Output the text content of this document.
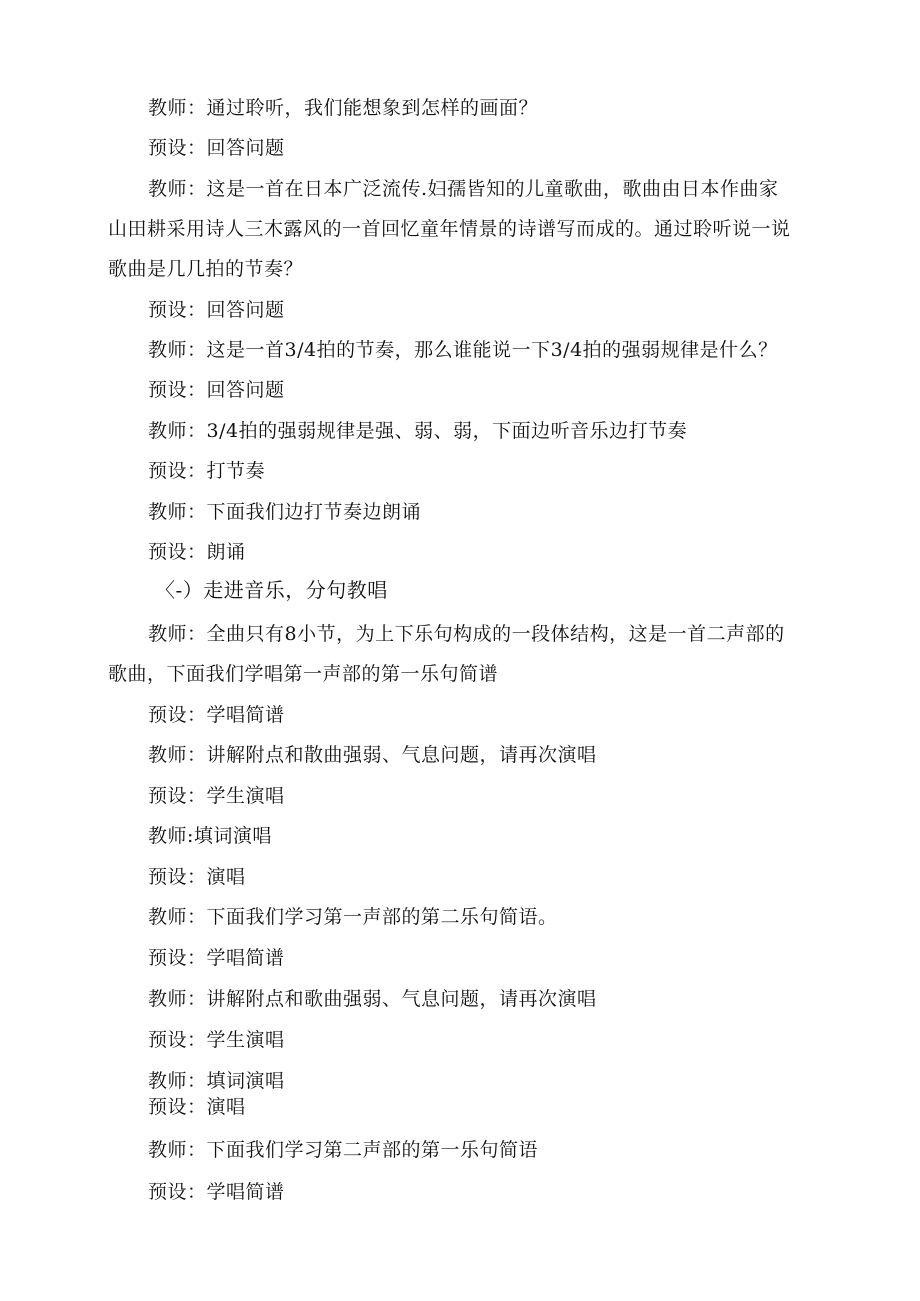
教师：通过聆听，我们能想象到怎样的画面？
预设：回答问题
教师：这是一首在日本广泛流传.妇孺皆知的儿童歌曲，歌曲由日本作曲家
山田耕采用诗人三木露风的一首回忆童年情景的诗谱写而成的。通过聆听说一说
歌曲是几几拍的节奏？
预设：回答问题
教师：这是一首3/4拍的节奏，那么谁能说一下3/4拍的强弱规律是什么？
预设：回答问题
教师：3/4拍的强弱规律是强、弱、弱，下面边听音乐边打节奏
预设：打节奏
教师：下面我们边打节奏边朗诵
预设：朗诵
〈-）走进音乐，分句教唱
教师：全曲只有8小节，为上下乐句构成的一段体结构，这是一首二声部的
歌曲，下面我们学唱第一声部的第一乐句简谱
预设：学唱简谱
教师：讲解附点和散曲强弱、气息问题，请再次演唱
预设：学生演唱
教师:填词演唱
预设：演唱
教师：下面我们学习第一声部的第二乐句简语。
预设：学唱简谱
教师：讲解附点和歌曲强弱、气息问题，请再次演唱
预设：学生演唱
教师：填词演唱
预设：演唱
教师：下面我们学习第二声部的第一乐句简语
预设：学唱简谱
